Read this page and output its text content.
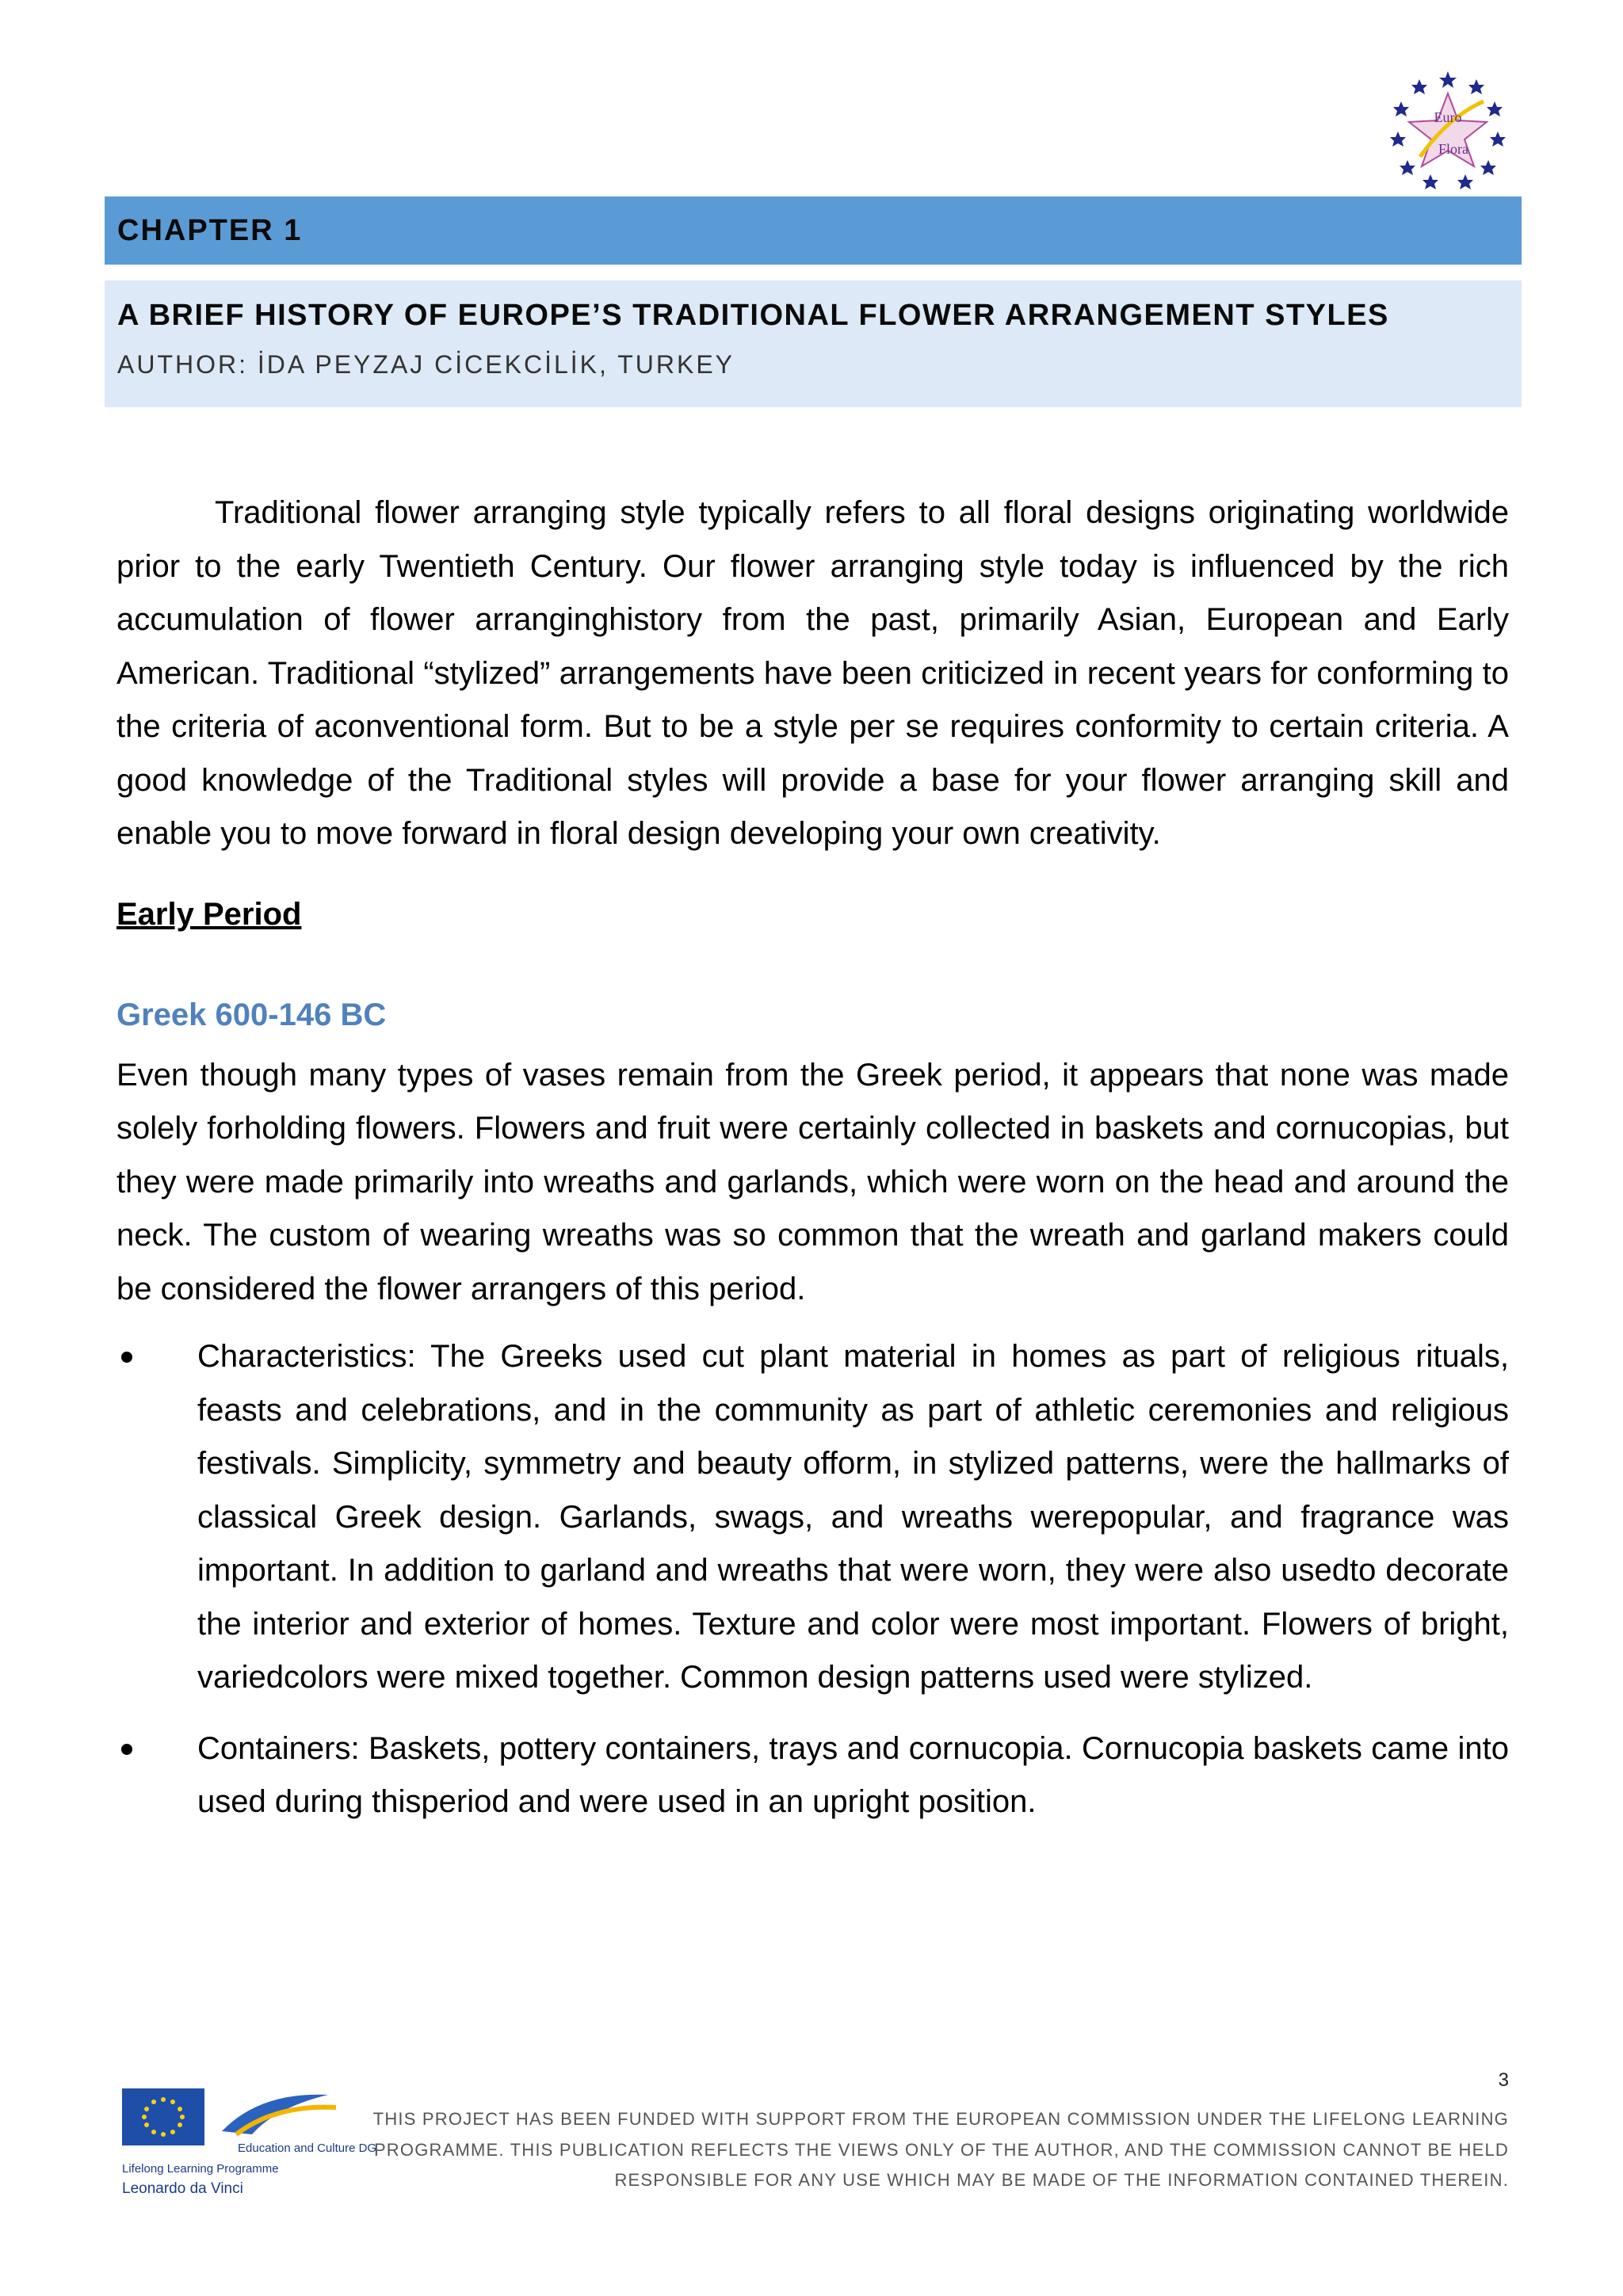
Euro
Flora
CHAPTER 1
A BRIEF HISTORY OF EUROPE’S TRADITIONAL FLOWER ARRANGEMENT STYLES
AUTHOR: İDA PEYZAJ CİCEKCİLİK, TURKEY

Traditional flower arranging style typically refers to all floral designs originating worldwide prior to the early Twentieth Century. Our flower arranging style today is influenced by the rich accumulation of flower arranginghistory from the past, primarily Asian, European and Early American. Traditional “stylized” arrangements have been criticized in recent years for conforming to the criteria of aconventional form. But to be a style per se requires conformity to certain criteria. A good knowledge of the Traditional styles will provide a base for your flower arranging skill and enable you to move forward in floral design developing your own creativity.

Early Period
Greek 600-146 BC

Even though many types of vases remain from the Greek period, it appears that none was made solely forholding flowers. Flowers and fruit were certainly collected in baskets and cornucopias, but they were made primarily into wreaths and garlands, which were worn on the head and around the neck. The custom of wearing wreaths was so common that the wreath and garland makers could be considered the flower arrangers of this period.

Characteristics: The Greeks used cut plant material in homes as part of religious rituals, feasts and celebrations, and in the community as part of athletic ceremonies and religious festivals. Simplicity, symmetry and beauty ofform, in stylized patterns, were the hallmarks of classical Greek design. Garlands, swags, and wreaths werepopular, and fragrance was important. In addition to garland and wreaths that were worn, they were also usedto decorate the interior and exterior of homes. Texture and color were most important. Flowers of bright, variedcolors were mixed together. Common design patterns used were stylized.
Containers: Baskets, pottery containers, trays and cornucopia. Cornucopia baskets came into used during thisperiod and were used in an upright position.
3
Education and Culture DG
Lifelong Learning Programme
Leonardo da Vinci
THIS PROJECT HAS BEEN FUNDED WITH SUPPORT FROM THE EUROPEAN COMMISSION UNDER THE LIFELONG LEARNING
PROGRAMME. THIS PUBLICATION REFLECTS THE VIEWS ONLY OF THE AUTHOR, AND THE COMMISSION CANNOT BE HELD
RESPONSIBLE FOR ANY USE WHICH MAY BE MADE OF THE INFORMATION CONTAINED THEREIN.
